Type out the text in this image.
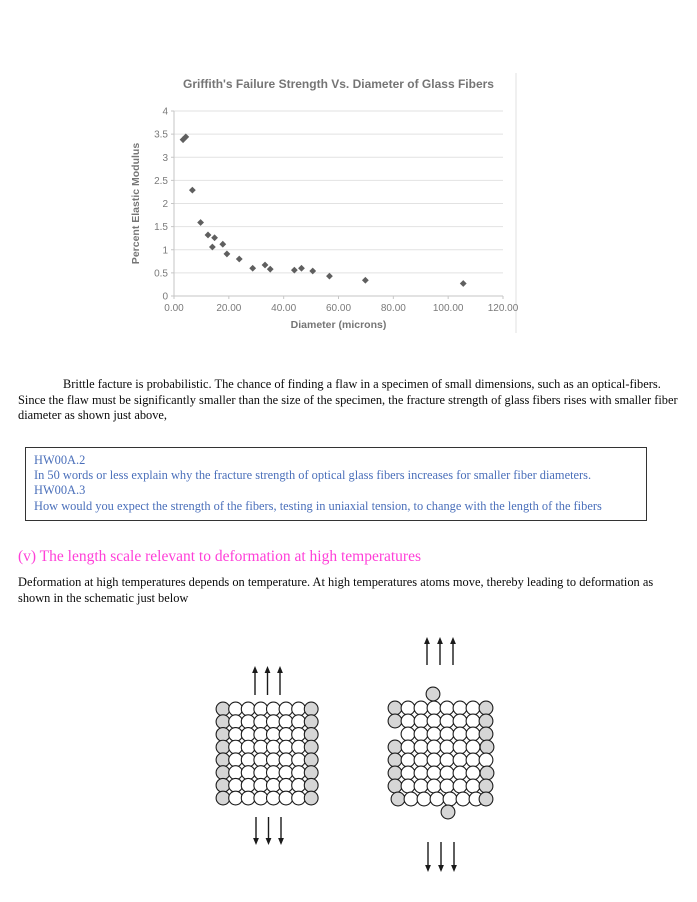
0
0.5
1
1.5
2
2.5
3
3.5
4
0.00	20.00	40.00	60.00	80.00	100.00 120.00
Griffith's Failure Strength Vs. Diameter of Glass Fibers
Diameter (microns)
Percent Elastic Modulus

Brittle facture is probabilistic. The chance of finding a flaw in a specimen of small dimensions, such as an optical-fibers. Since the flaw must be significantly smaller than the size of the specimen, the fracture strength of glass fibers rises with smaller fiber diameter as shown just above,

HW00A.2
In 50 words or less explain why the fracture strength of optical glass fibers increases for smaller fiber diameters.
HW00A.3
How would you expect the strength of the fibers, testing in uniaxial tension, to change with the length of the fibers
(v) The length scale relevant to deformation at high temperatures

Deformation at high temperatures depends on temperature. At high temperatures atoms move, thereby leading to deformation as shown in the schematic just below
